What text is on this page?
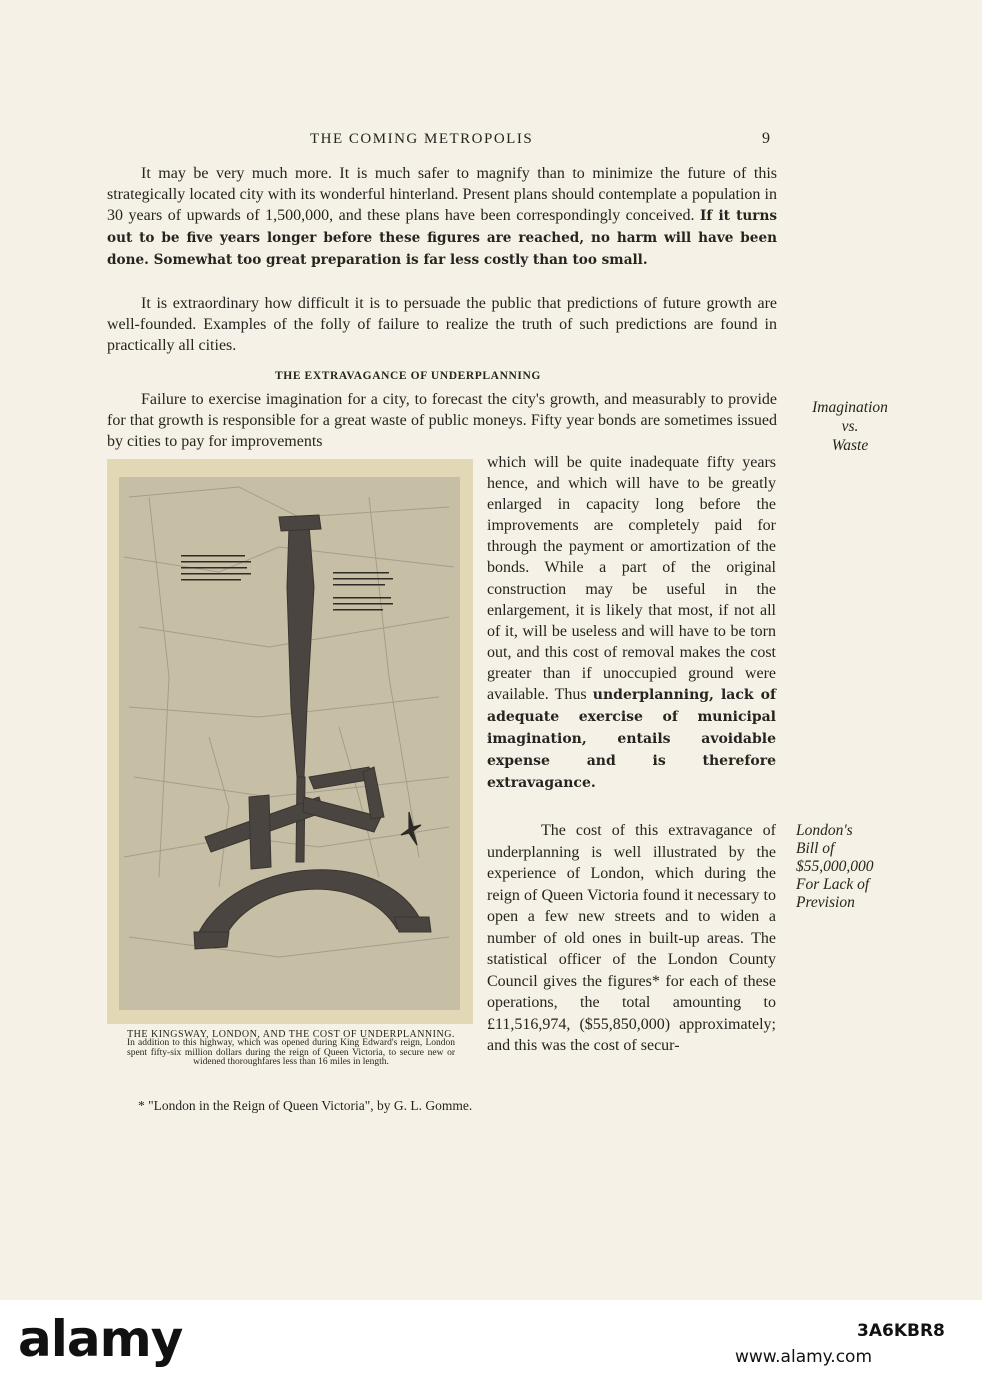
THE COMING METROPOLIS	9

It may be very much more. It is much safer to magnify than to minimize the future of this strategically located city with its wonderful hinterland. Present plans should contemplate a population in 30 years of upwards of 1,500,000, and these plans have been correspondingly conceived. If it turns out to be five years longer before these figures are reached, no harm will have been done. Somewhat too great preparation is far less costly than too small.

It is extraordinary how difficult it is to persuade the public that predictions of future growth are well-founded. Examples of the folly of failure to realize the truth of such predictions are found in practically all cities.

THE EXTRAVAGANCE OF UNDERPLANNING

Failure to exercise imagination for a city, to forecast the city's growth, and measurably to provide for that growth is responsible for a great waste of public moneys. Fifty year bonds are sometimes issued by cities to pay for improvements

Imagination
vs.
Waste
THE KINGSWAY, LONDON, AND THE COST OF UNDERPLANNING.
In addition to this highway, which was opened during King Edward's reign, London spent fifty-six million dollars during the reign of Queen Victoria, to secure new or widened thoroughfares less than 16 miles in length.

which will be quite inadequate fifty years hence, and which will have to be greatly enlarged in capacity long before the improvements are completely paid for through the payment or amortization of the bonds. While a part of the original construction may be useful in the enlargement, it is likely that most, if not all of it, will be useless and will have to be torn out, and this cost of removal makes the cost greater than if unoccupied ground were available. Thus underplanning, lack of adequate exercise of municipal imagination, entails avoidable expense and is therefore extravagance.

The cost of this extravagance of underplanning is well illustrated by the experience of London, which during the reign of Queen Victoria found it necessary to open a few new streets and to widen a number of old ones in built-up areas. The statistical officer of the London County Council gives the figures* for each of these operations, the total amounting to £11,516,974, ($55,850,000) approximately; and this was the cost of secur-

London's
Bill of
$55,000,000
For Lack of
Prevision
* "London in the Reign of Queen Victoria", by G. L. Gomme.
alamy	3A6KBR8
www.alamy.com
